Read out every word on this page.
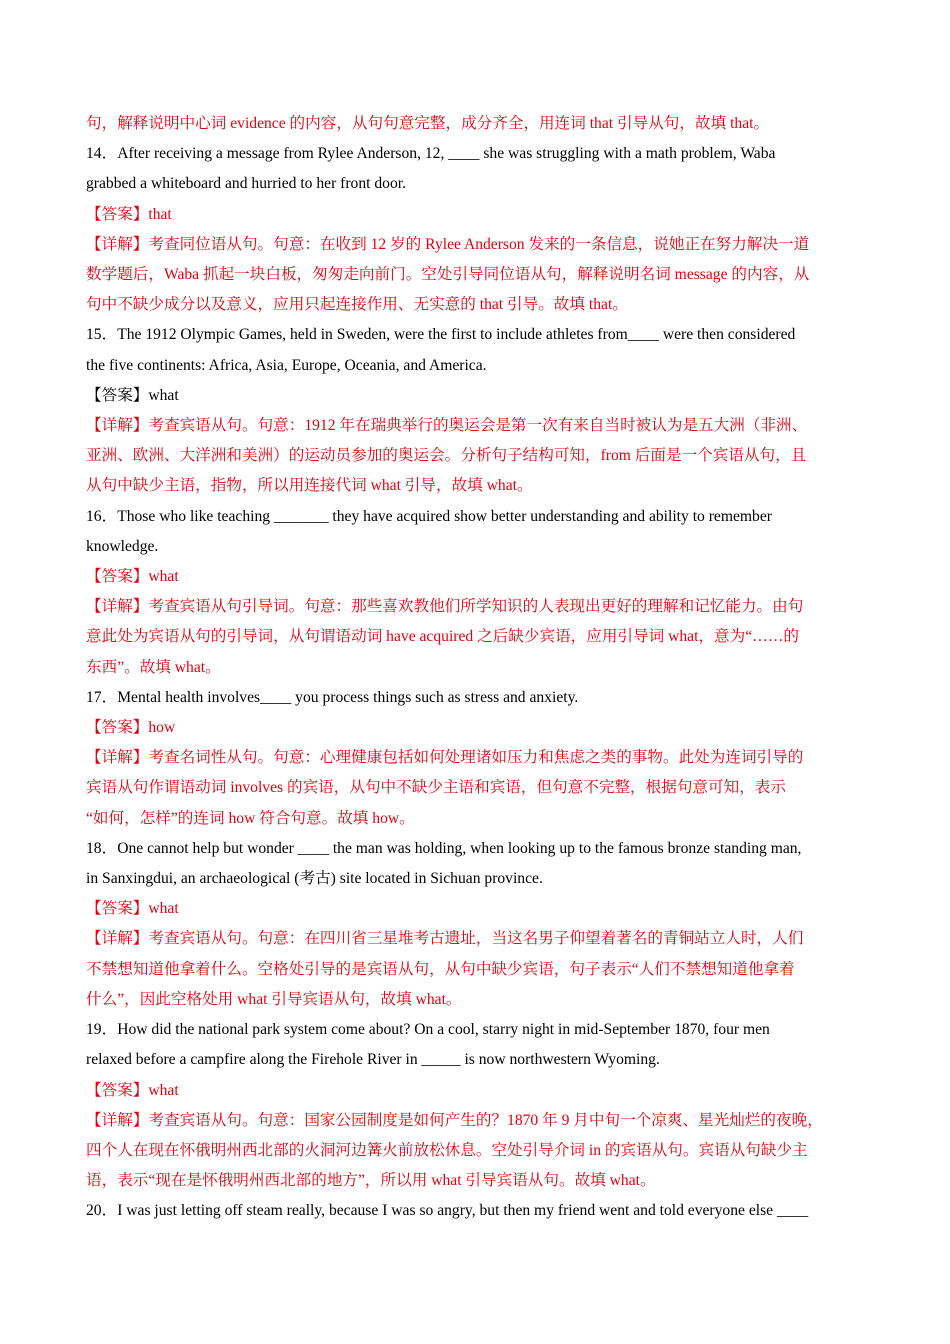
句，解释说明中心词 evidence 的内容，从句句意完整，成分齐全，用连词 that 引导从句，故填 that。
14．After receiving a message from Rylee Anderson, 12, ____ she was struggling with a math problem, Waba
grabbed a whiteboard and hurried to her front door.
【答案】that
【详解】考查同位语从句。句意：在收到 12 岁的 Rylee Anderson 发来的一条信息，说她正在努力解决一道
数学题后，Waba 抓起一块白板，匆匆走向前门。空处引导同位语从句，解释说明名词 message 的内容，从
句中不缺少成分以及意义，应用只起连接作用、无实意的 that 引导。故填 that。
15．The 1912 Olympic Games, held in Sweden, were the first to include athletes from____ were then considered
the five continents: Africa, Asia, Europe, Oceania, and America.
【答案】what
【详解】考查宾语从句。句意：1912 年在瑞典举行的奥运会是第一次有来自当时被认为是五大洲（非洲、
亚洲、欧洲、大洋洲和美洲）的运动员参加的奥运会。分析句子结构可知，from 后面是一个宾语从句，且
从句中缺少主语，指物，所以用连接代词 what 引导，故填 what。
16．Those who like teaching _______ they have acquired show better understanding and ability to remember
knowledge.
【答案】what
【详解】考查宾语从句引导词。句意：那些喜欢教他们所学知识的人表现出更好的理解和记忆能力。由句
意此处为宾语从句的引导词，从句谓语动词 have acquired 之后缺少宾语，应用引导词 what，意为“……的
东西”。故填 what。
17．Mental health involves____ you process things such as stress and anxiety.
【答案】how
【详解】考查名词性从句。句意：心理健康包括如何处理诸如压力和焦虑之类的事物。此处为连词引导的
宾语从句作谓语动词 involves 的宾语，从句中不缺少主语和宾语，但句意不完整，根据句意可知，表示
“如何，怎样”的连词 how 符合句意。故填 how。
18．One cannot help but wonder ____ the man was holding, when looking up to the famous bronze standing man,
in Sanxingdui, an archaeological (考古) site located in Sichuan province.
【答案】what
【详解】考查宾语从句。句意：在四川省三星堆考古遗址，当这名男子仰望着著名的青铜站立人时，人们
不禁想知道他拿着什么。空格处引导的是宾语从句，从句中缺少宾语，句子表示“人们不禁想知道他拿着
什么”，因此空格处用 what 引导宾语从句，故填 what。
19．How did the national park system come about? On a cool, starry night in mid-September 1870, four men
relaxed before a campfire along the Firehole River in _____ is now northwestern Wyoming.
【答案】what
【详解】考查宾语从句。句意：国家公园制度是如何产生的？1870 年 9 月中旬一个凉爽、星光灿烂的夜晚，
四个人在现在怀俄明州西北部的火洞河边篝火前放松休息。空处引导介词 in 的宾语从句。宾语从句缺少主
语，表示“现在是怀俄明州西北部的地方”，所以用 what 引导宾语从句。故填 what。
20．I was just letting off steam really, because I was so angry, but then my friend went and told everyone else ____
